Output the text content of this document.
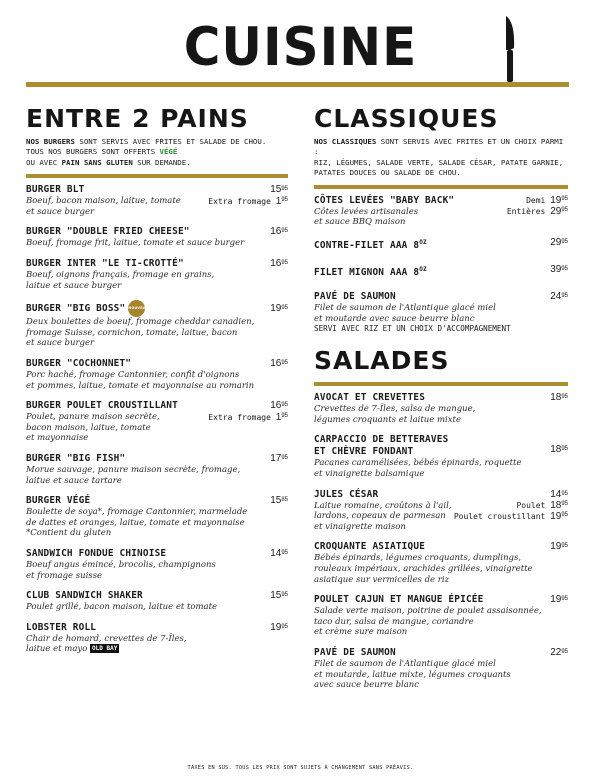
CUISINE
ENTRE 2 PAINS
NOS BURGERS SONT SERVIS AVEC FRITES ET SALADE DE CHOU.
TOUS NOS BURGERS SONT OFFERTS VÉGÉ
OU AVEC PAIN SANS GLUTEN SUR DEMANDE.
BURGER BLT	$15^{95}$
Extra fromage $1^{95}$
Boeuf, bacon maison, laitue, tomate
et sauce burger
BURGER "DOUBLE FRIED CHEESE"	$16^{95}$
Boeuf, fromage frit, laitue, tomate et sauce burger
BURGER INTER "LE TI-CROTTÉ"	$16^{95}$
Boeuf, oignons français, fromage en grains,
laitue et sauce burger
BURGER "BIG BOSS" NOUVEAU	$19^{95}$
Deux boulettes de boeuf, fromage cheddar canadien,
fromage Suisse, cornichon, tomate, laitue, bacon
et sauce burger
BURGER "COCHONNET"	$16^{95}$
Porc haché, fromage Cantonnier, confit d'oignons
et pommes, laitue, tomate et mayonnaise au romarin
BURGER POULET CROUSTILLANT	$16^{95}$
Extra fromage $1^{95}$
Poulet, panure maison secrète,
bacon maison, laitue, tomate
et mayonnaise
BURGER "BIG FISH"	$17^{95}$
Morue sauvage, panure maison secrète, fromage,
laitue et sauce tartare
BURGER VÉGÉ	$15^{85}$
Boulette de soya*, fromage Cantonnier, marmelade
de dattes et oranges, laitue, tomate et mayonnaise
*Contient du gluten
SANDWICH FONDUE CHINOISE	$14^{95}$
Boeuf angus émincé, brocolis, champignons
et fromage suisse
CLUB SANDWICH SHAKER	$15^{95}$
Poulet grillé, bacon maison, laitue et tomate
LOBSTER ROLL	$19^{95}$
Chair de homard, crevettes de 7-Îles,
laitue et mayo OLD BAY
CLASSIQUES
NOS CLASSIQUES SONT SERVIS AVEC FRITES ET UN CHOIX PARMI :
RIZ, LÉGUMES, SALADE VERTE, SALADE CÉSAR, PATATE GARNIE,
PATATES DOUCES OU SALADE DE CHOU.
CÔTES LEVÉES "BABY BACK"	Demi $19^{95}$
Entières $29^{95}$
Côtes levées artisanales
et sauce BBQ maison
CONTRE-FILET AAA $8^{OZ}$	$29^{95}$
FILET MIGNON AAA $8^{OZ}$	$39^{95}$
PAVÉ DE SAUMON	$24^{95}$
Filet de saumon de l'Atlantique glacé miel
et moutarde avec sauce beurre blanc
SERVI AVEC RIZ ET UN CHOIX D'ACCOMPAGNEMENT
SALADES
AVOCAT ET CREVETTES	$18^{95}$
Crevettes de 7-Îles, salsa de mangue,
légumes croquants et laitue mixte
CARPACCIO DE BETTERAVES
ET CHÈVRE FONDANT	$18^{95}$
Pacanes caramélisées, bébés épinards, roquette
et vinaigrette balsamique
JULES CÉSAR	$14^{95}$
Poulet $18^{95}$
Poulet croustillant $19^{95}$
Laitue romaine, croûtons à l'ail,
lardons, copeaux de parmesan
et vinaigrette maison
CROQUANTE ASIATIQUE	$19^{95}$
Bébés épinards, légumes croquants, dumplings,
rouleaux impériaux, arachides grillées, vinaigrette
asiatique sur vermicelles de riz
POULET CAJUN ET MANGUE ÉPICÉE	$19^{95}$
Salade verte maison, poitrine de poulet assaisonnée,
taco dur, salsa de mangue, coriandre
et crème sure maison
PAVÉ DE SAUMON	$22^{95}$
Filet de saumon de l'Atlantique glacé miel
et moutarde, laitue mixte, légumes croquants
avec sauce beurre blanc
TAXES EN SUS. TOUS LES PRIX SONT SUJETS À CHANGEMENT SANS PRÉAVIS.
